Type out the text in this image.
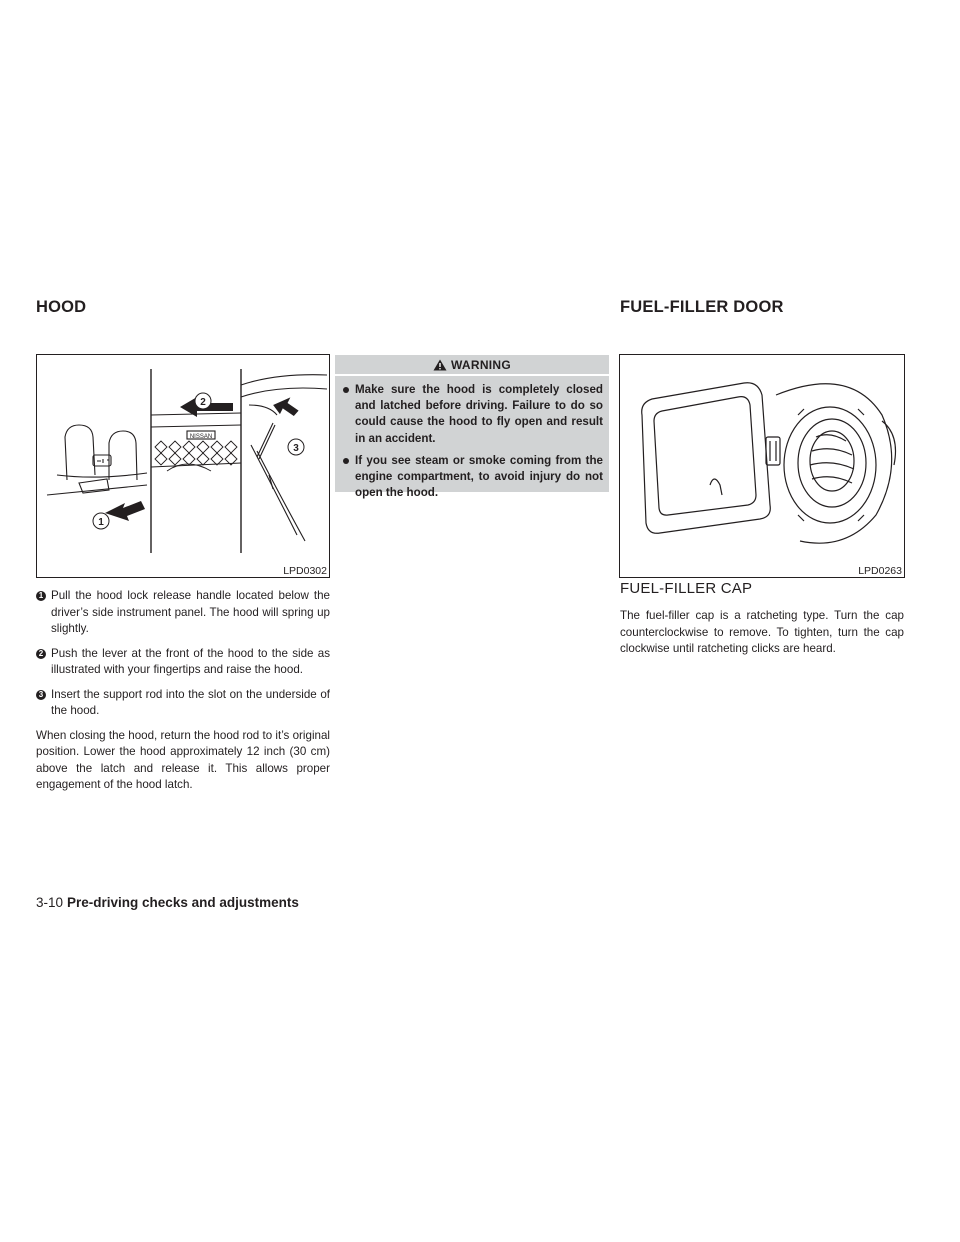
HOOD	FUEL-FILLER DOOR
2
3
1
NISSAN
LPD0302
1 Pull the hood lock release handle located below the driver’s side instrument panel. The hood will spring up slightly.
2 Push the lever at the front of the hood to the side as illustrated with your fingertips and raise the hood.
3 Insert the support rod into the slot on the underside of the hood.

When closing the hood, return the hood rod to it’s original position. Lower the hood approximately 12 inch (30 cm) above the latch and release it. This allows proper engagement of the hood latch.

WARNING
Make sure the hood is completely closed and latched before driving. Failure to do so could cause the hood to fly open and result in an accident.
If you see steam or smoke coming from the engine compartment, to avoid injury do not open the hood.
LPD0263
FUEL-FILLER CAP

The fuel-filler cap is a ratcheting type. Turn the cap counterclockwise to remove. To tighten, turn the cap clockwise until ratcheting clicks are heard.

3-10 Pre-driving checks and adjustments
